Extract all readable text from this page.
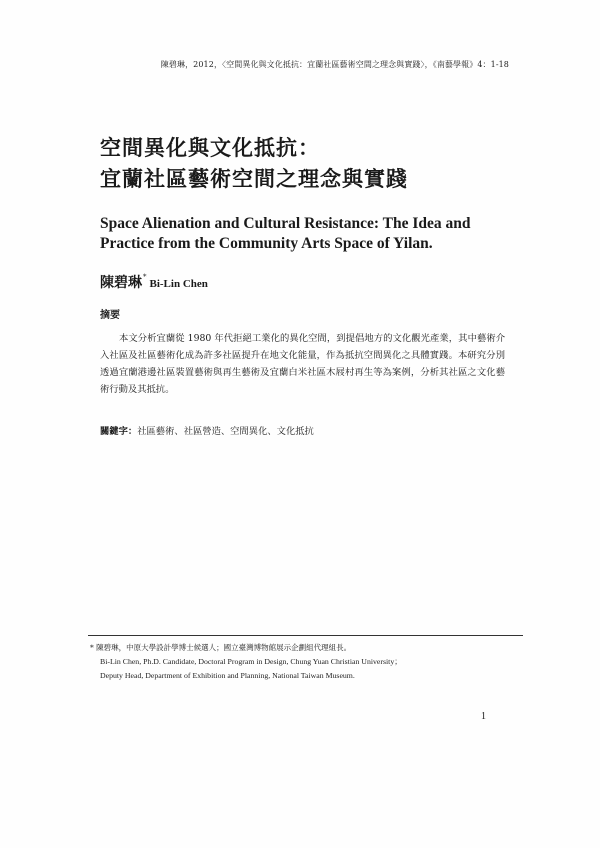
陳碧琳，2012，〈空間異化與文化抵抗：宜蘭社區藝術空間之理念與實踐〉，《南藝學報》4：1-18
空間異化與文化抵抗：
宜蘭社區藝術空間之理念與實踐
Space Alienation and Cultural Resistance: The Idea and
Practice from the Community Arts Space of Yilan.
陳碧琳*Bi-Lin Chen
摘要

本文分析宜蘭從 1980 年代拒絕工業化的異化空間，到提倡地方的文化觀光產業，其中藝術介入社區及社區藝術化成為許多社區提升在地文化能量，作為抵抗空間異化之具體實踐。本研究分別透過宜蘭港邊社區裝置藝術與再生藝術及宜蘭白米社區木屐村再生等為案例，分析其社區之文化藝術行動及其抵抗。

關鍵字：社區藝術、社區營造、空間異化、文化抵抗
* 陳碧琳，中原大學設計學博士候選人；國立臺灣博物館展示企劃組代理組長。
Bi-Lin Chen, Ph.D. Candidate, Doctoral Program in Design, Chung Yuan Christian University；
Deputy Head, Department of Exhibition and Planning, National Taiwan Museum.
1
